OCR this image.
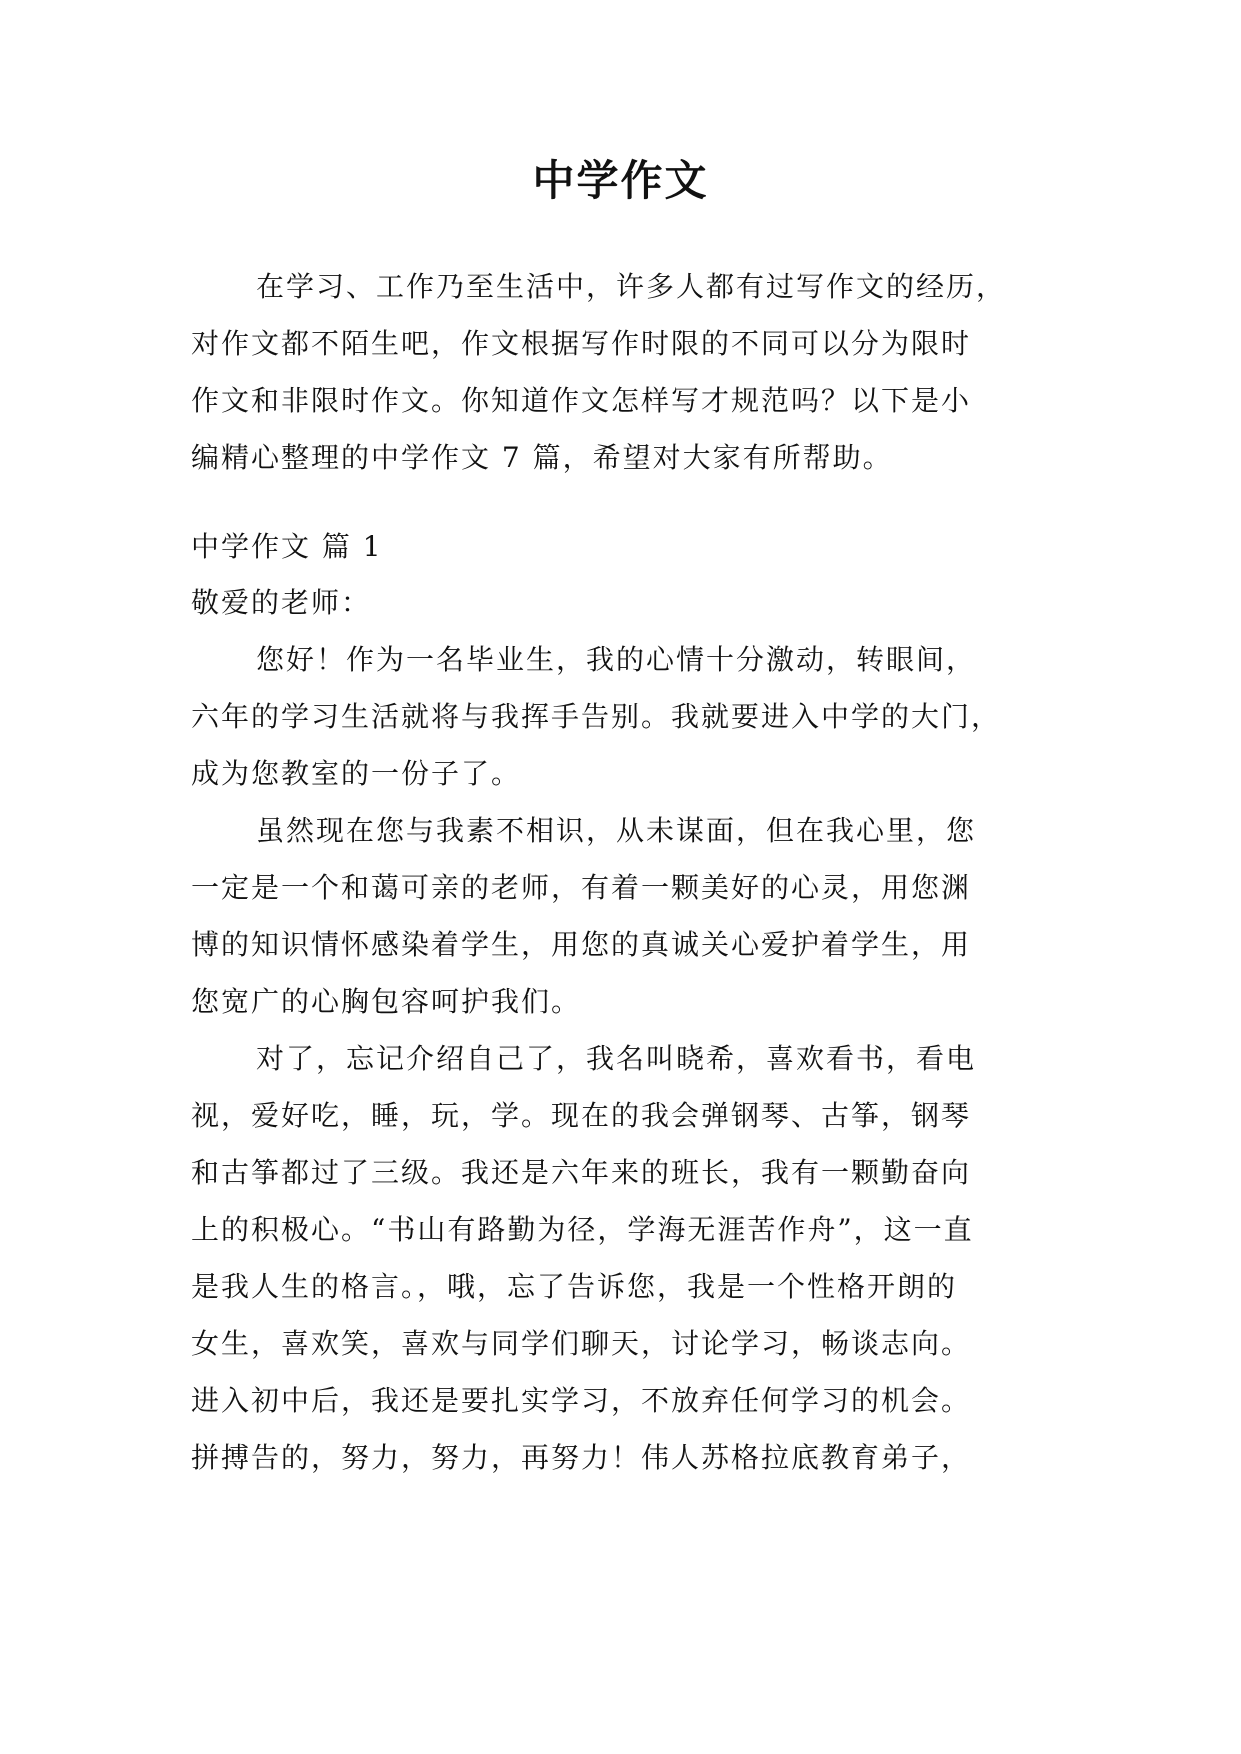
中学作文
在学习、工作乃至生活中，许多人都有过写作文的经历，
对作文都不陌生吧，作文根据写作时限的不同可以分为限时
作文和非限时作文。你知道作文怎样写才规范吗？以下是小
编精心整理的中学作文 7 篇，希望对大家有所帮助。
中学作文 篇 1
敬爱的老师：
您好！作为一名毕业生，我的心情十分激动，转眼间，
六年的学习生活就将与我挥手告别。我就要进入中学的大门，
成为您教室的一份子了。
虽然现在您与我素不相识，从未谋面，但在我心里，您
一定是一个和蔼可亲的老师，有着一颗美好的心灵，用您渊
博的知识情怀感染着学生，用您的真诚关心爱护着学生，用
您宽广的心胸包容呵护我们。
对了，忘记介绍自己了，我名叫晓希，喜欢看书，看电
视，爱好吃，睡，玩，学。现在的我会弹钢琴、古筝，钢琴
和古筝都过了三级。我还是六年来的班长，我有一颗勤奋向
上的积极心。“书山有路勤为径，学海无涯苦作舟”，这一直
是我人生的格言。，哦，忘了告诉您，我是一个性格开朗的
女生，喜欢笑，喜欢与同学们聊天，讨论学习，畅谈志向。
进入初中后，我还是要扎实学习，不放弃任何学习的机会。
拼搏告的，努力，努力，再努力！伟人苏格拉底教育弟子，
